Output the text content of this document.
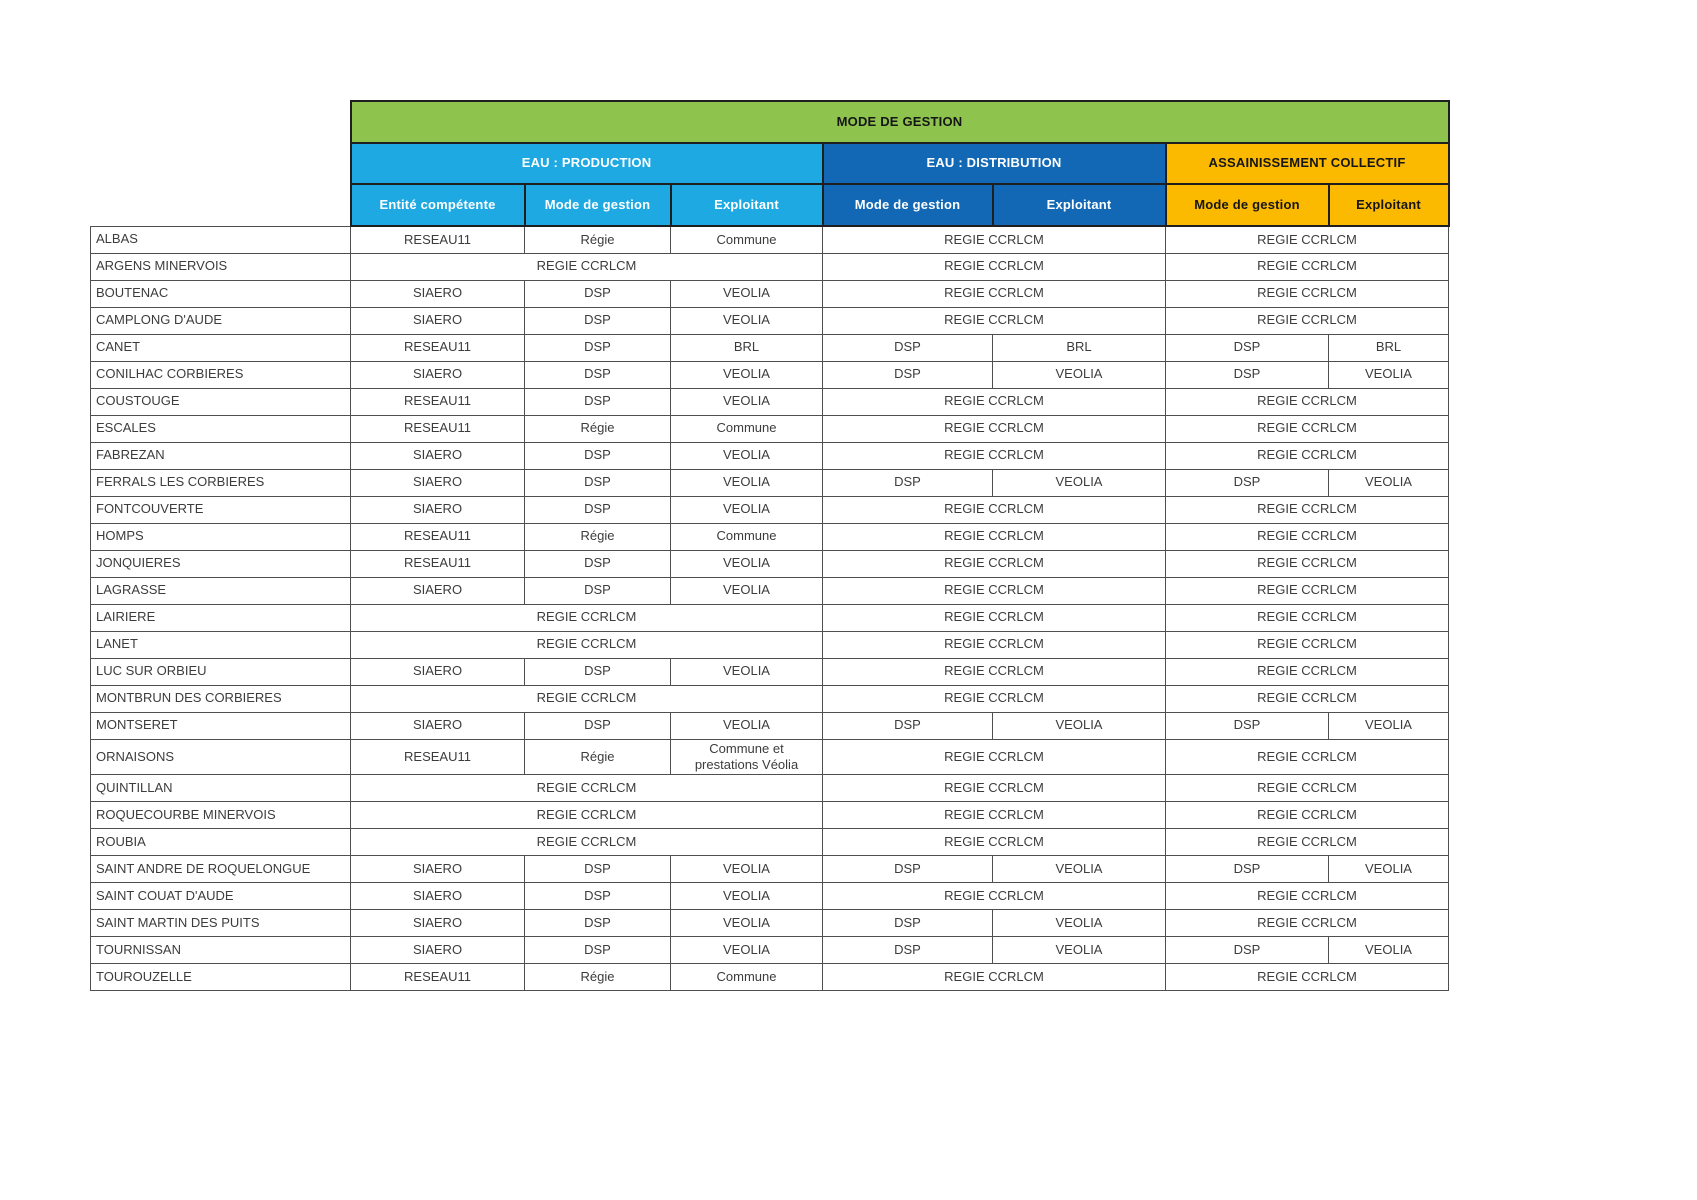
	MODE DE GESTION						
	EAU : PRODUCTION			EAU : DISTRIBUTION		ASSAINISSEMENT COLLECTIF	
	Entité compétente	Mode de gestion	Exploitant	Mode de gestion	Exploitant	Mode de gestion	Exploitant
ALBAS	RESEAU11	Régie	Commune	REGIE CCRLCM		REGIE CCRLCM	
ARGENS MINERVOIS	REGIE CCRLCM			REGIE CCRLCM		REGIE CCRLCM	
BOUTENAC	SIAERO	DSP	VEOLIA	REGIE CCRLCM		REGIE CCRLCM	
CAMPLONG D'AUDE	SIAERO	DSP	VEOLIA	REGIE CCRLCM		REGIE CCRLCM	
CANET	RESEAU11	DSP	BRL	DSP	BRL	DSP	BRL
CONILHAC CORBIERES	SIAERO	DSP	VEOLIA	DSP	VEOLIA	DSP	VEOLIA
COUSTOUGE	RESEAU11	DSP	VEOLIA	REGIE CCRLCM		REGIE CCRLCM	
ESCALES	RESEAU11	Régie	Commune	REGIE CCRLCM		REGIE CCRLCM	
FABREZAN	SIAERO	DSP	VEOLIA	REGIE CCRLCM		REGIE CCRLCM	
FERRALS LES CORBIERES	SIAERO	DSP	VEOLIA	DSP	VEOLIA	DSP	VEOLIA
FONTCOUVERTE	SIAERO	DSP	VEOLIA	REGIE CCRLCM		REGIE CCRLCM	
HOMPS	RESEAU11	Régie	Commune	REGIE CCRLCM		REGIE CCRLCM	
JONQUIERES	RESEAU11	DSP	VEOLIA	REGIE CCRLCM		REGIE CCRLCM	
LAGRASSE	SIAERO	DSP	VEOLIA	REGIE CCRLCM		REGIE CCRLCM	
LAIRIERE	REGIE CCRLCM			REGIE CCRLCM		REGIE CCRLCM	
LANET	REGIE CCRLCM			REGIE CCRLCM		REGIE CCRLCM	
LUC SUR ORBIEU	SIAERO	DSP	VEOLIA	REGIE CCRLCM		REGIE CCRLCM	
MONTBRUN DES CORBIERES	REGIE CCRLCM			REGIE CCRLCM		REGIE CCRLCM	
MONTSERET	SIAERO	DSP	VEOLIA	DSP	VEOLIA	DSP	VEOLIA
ORNAISONS	RESEAU11	Régie	Commune et prestations Véolia	REGIE CCRLCM		REGIE CCRLCM	
QUINTILLAN	REGIE CCRLCM			REGIE CCRLCM		REGIE CCRLCM	
ROQUECOURBE MINERVOIS	REGIE CCRLCM			REGIE CCRLCM		REGIE CCRLCM	
ROUBIA	REGIE CCRLCM			REGIE CCRLCM		REGIE CCRLCM	
SAINT ANDRE DE ROQUELONGUE	SIAERO	DSP	VEOLIA	DSP	VEOLIA	DSP	VEOLIA
SAINT COUAT D'AUDE	SIAERO	DSP	VEOLIA	REGIE CCRLCM		REGIE CCRLCM	
SAINT MARTIN DES PUITS	SIAERO	DSP	VEOLIA	DSP	VEOLIA	REGIE CCRLCM	
TOURNISSAN	SIAERO	DSP	VEOLIA	DSP	VEOLIA	DSP	VEOLIA
TOUROUZELLE	RESEAU11	Régie	Commune	REGIE CCRLCM		REGIE CCRLCM	
